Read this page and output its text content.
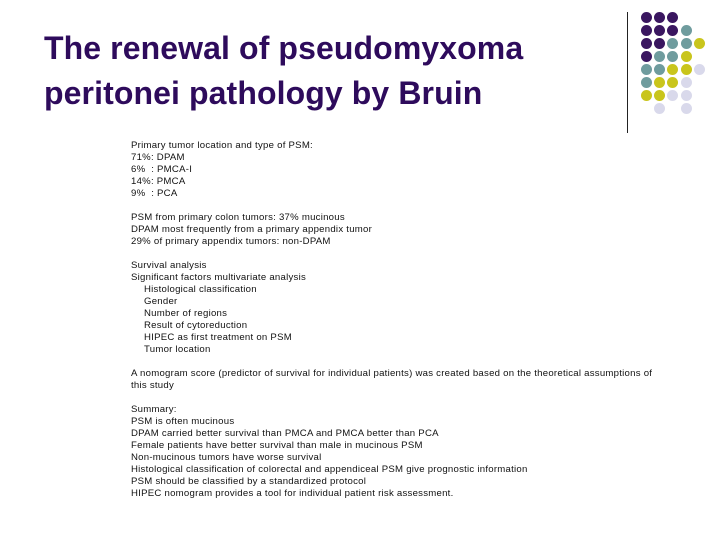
The renewal of pseudomyxoma
peritonei pathology by Bruin
Primary tumor location and type of PSM:
71%: DPAM
6%  : PMCA-I
14%: PMCA
9%  : PCA
PSM from primary colon tumors: 37% mucinous
DPAM most frequently from a primary appendix tumor
29% of primary appendix tumors: non-DPAM
Survival analysis
Significant factors multivariate analysis
Histological classification
Gender
Number of regions
Result of cytoreduction
HIPEC as first treatment on PSM
Tumor location
A nomogram score (predictor of survival for individual patients) was created based on the theoretical assumptions of this study
Summary:
PSM is often mucinous
DPAM carried better survival than PMCA and PMCA better than PCA
Female patients have better survival than male in mucinous PSM
Non-mucinous tumors have worse survival
Histological classification of colorectal and appendiceal PSM give prognostic information
PSM should be classified by a standardized protocol
HIPEC nomogram provides a tool for individual patient risk assessment.
